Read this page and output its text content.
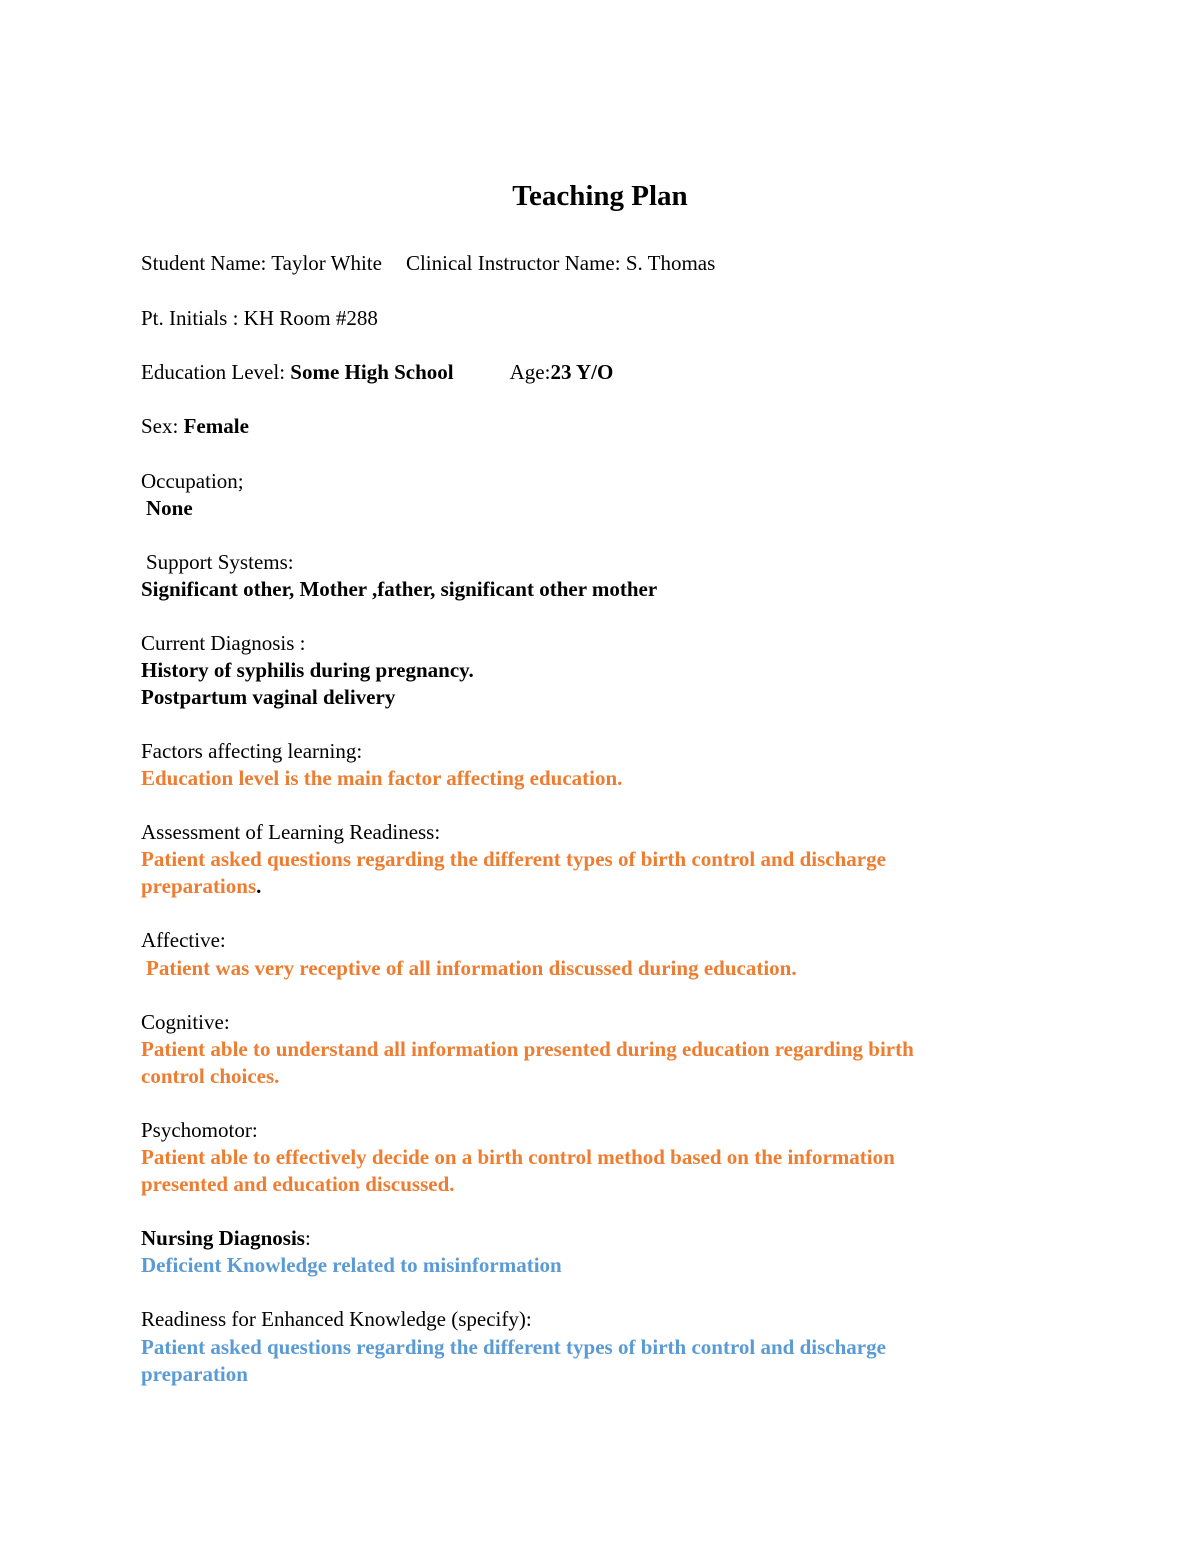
Teaching Plan
Student Name: Taylor White Clinical Instructor Name: S. Thomas
Pt. Initials : KH Room #288
Education Level: Some High School	Age:23 Y/O
Sex: Female
Occupation;
None
Support Systems:
Significant other, Mother ,father, significant other mother
Current Diagnosis :
History of syphilis during pregnancy.
Postpartum vaginal delivery
Factors affecting learning:
Education level is the main factor affecting education.
Assessment of Learning Readiness:
Patient asked questions regarding the different types of birth control and discharge
preparations.
Affective:
Patient was very receptive of all information discussed during education.
Cognitive:
Patient able to understand all information presented during education regarding birth
control choices.
Psychomotor:
Patient able to effectively decide on a birth control method based on the information
presented and education discussed.
Nursing Diagnosis:
Deficient Knowledge related to misinformation
Readiness for Enhanced Knowledge (specify):
Patient asked questions regarding the different types of birth control and discharge
preparation
